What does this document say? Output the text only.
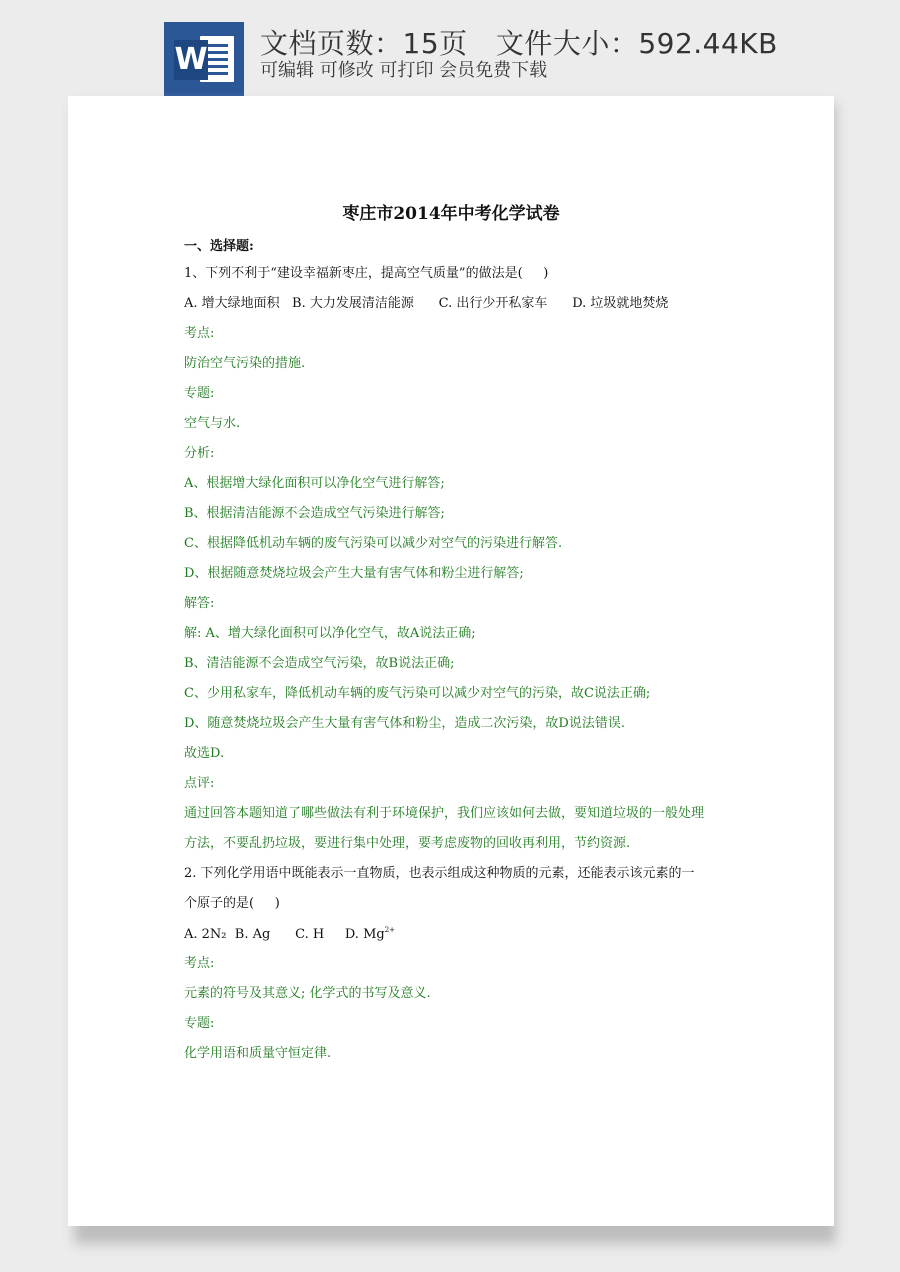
W 文档页数：15页   文件大小：592.44KB
可编辑 可修改 可打印 会员免费下载
枣庄市2014年中考化学试卷
一、选择题:
1、下列不利于“建设幸福新枣庄，提高空气质量”的做法是(     )
A. 增大绿地面积   B. 大力发展清洁能源      C. 出行少开私家车      D. 垃圾就地焚烧
考点:
防治空气污染的措施.
专题:
空气与水.
分析:
A、根据增大绿化面积可以净化空气进行解答;
B、根据清洁能源不会造成空气污染进行解答;
C、根据降低机动车辆的废气污染可以减少对空气的污染进行解答.
D、根据随意焚烧垃圾会产生大量有害气体和粉尘进行解答;
解答:
解: A、增大绿化面积可以净化空气，故A说法正确;
B、清洁能源不会造成空气污染，故B说法正确;
C、少用私家车，降低机动车辆的废气污染可以减少对空气的污染，故C说法正确;
D、随意焚烧垃圾会产生大量有害气体和粉尘，造成二次污染，故D说法错误.
故选D.
点评:
通过回答本题知道了哪些做法有利于环境保护，我们应该如何去做，要知道垃圾的一般处理
方法，不要乱扔垃圾，要进行集中处理，要考虑废物的回收再利用，节约资源.
2. 下列化学用语中既能表示一直物质，也表示组成这种物质的元素，还能表示该元素的一
个原子的是(     )
A. 2N₂  B. Ag      C. H     D. $Mg^{2+}$
考点:
元素的符号及其意义; 化学式的书写及意义.
专题:
化学用语和质量守恒定律.
